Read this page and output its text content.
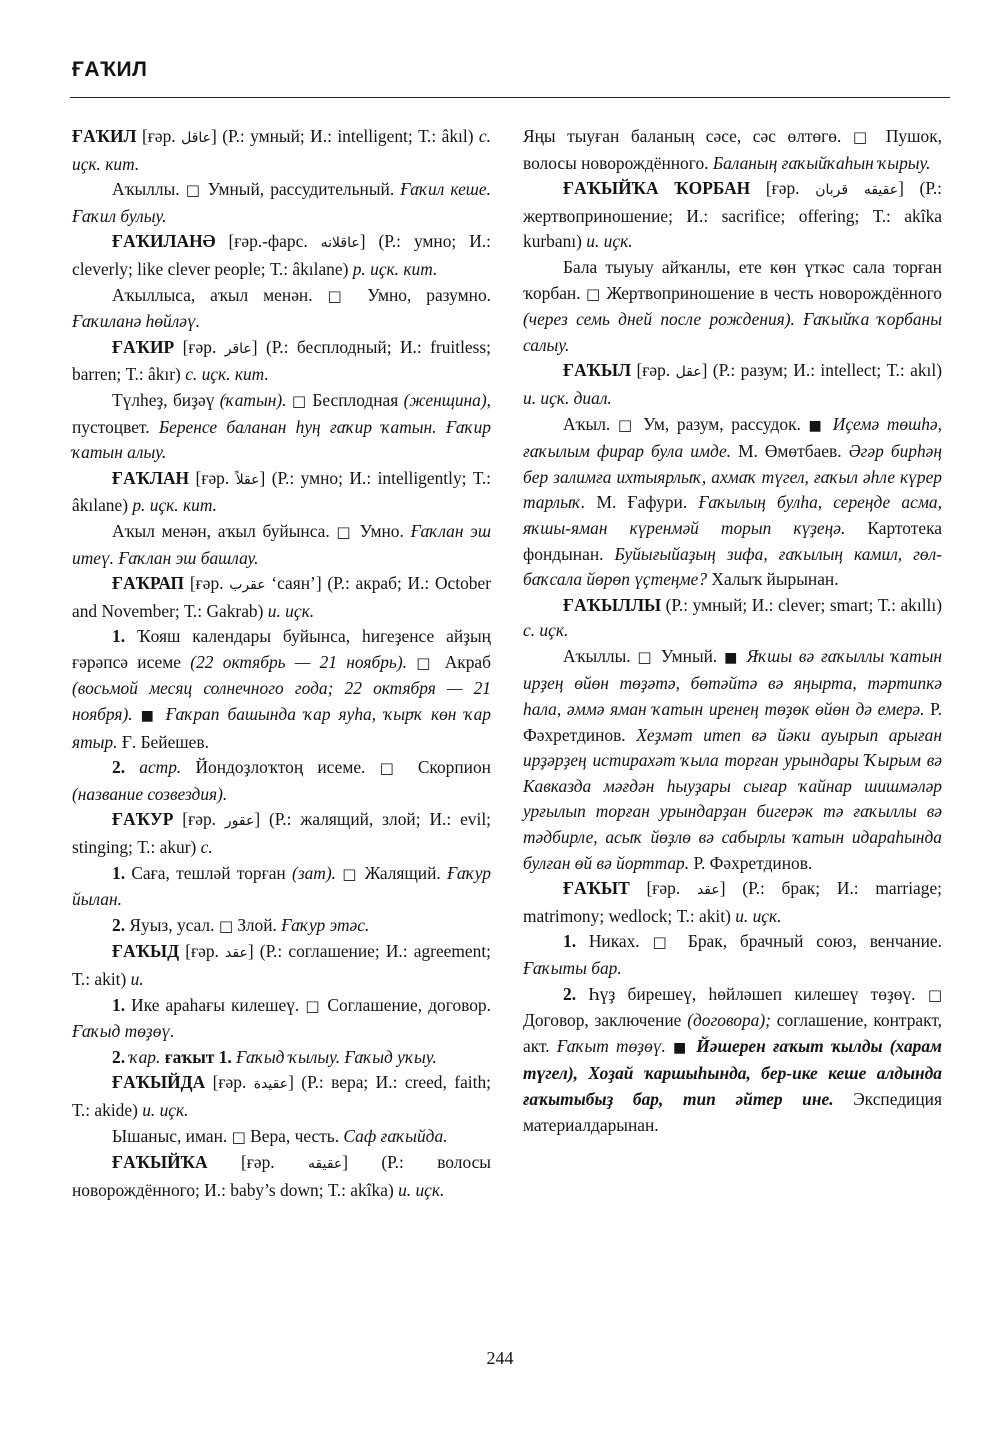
ҒАҠИЛ

ҒАҠИЛ [ғәр. عاقل] (Р.: умный; И.: intelligent; Т.: âkıl) с. иҫк. кит.

Аҡыллы. □ Умный, рассудительный. Ғаҡил кеше. Ғаҡил булыу.

ҒАҠИЛАНӘ [ғәр.-фарс. عاقلانه] (Р.: умно; И.: cleverly; like clever people; Т.: âkılane) р. иҫк. кит.

Аҡыллыса, аҡыл менән. □ Умно, разумно. Ғаҡиланә һөйләү.

ҒАҠИР [ғәр. عاقر] (Р.: бесплодный; И.: fruitless; barren; Т.: âkır) с. иҫк. кит.

Түлһеҙ, биҙәү (ҡатын). □ Бесплодная (женщина), пустоцвет. Беренсе баланан һуң ғаҡир ҡатын. Ғаҡир ҡатын алыу.

ҒАҠЛАН [ғәр. عقلاً] (Р.: умно; И.: intelligently; Т.: âkılane) р. иҫк. кит.

Аҡыл менән, аҡыл буйынса. □ Умно. Ғаҡлан эш итеү. Ғаҡлан эш башлау.

ҒАҠРАП [ғәр. عقرب ‘саян’] (Р.: акраб; И.: October and November; Т.: Gakrab) и. иҫк.

1. Ҡояш календары буйынса, һигеҙенсе айҙың ғәрәпсә исеме (22 октябрь — 21 ноябрь). □ Акраб (восьмой месяц солнечного года; 22 октября — 21 ноября). ■ Ғаҡрап башында ҡар яуһа, ҡырҡ көн ҡар ятыр. Ғ. Бейешев.

2. астр. Йондоҙлоҡтоң исеме. □ Скорпион (название созвездия).

ҒАҠУР [ғәр. عقور] (Р.: жалящий, злой; И.: evil; stinging; Т.: akur) с.

1. Саға, тешләй торған (зат). □ Жалящий. Ғаҡур йылан.

2. Яуыз, усал. □ Злой. Ғаҡур этәс.

ҒАҠЫД [ғәр. عقد] (Р.: соглашение; И.: agreement; Т.: akit) и.

1. Ике араһағы килешеү. □ Соглашение, договор. Ғаҡыд төҙөү.

2. ҡар. ғаҡыт 1. Ғаҡыд ҡылыу. Ғаҡыд уҡыу.

ҒАҠЫЙДА [ғәр. عقيدة] (Р.: вера; И.: creed, faith; Т.: akide) и. иҫк.

Ышаныс, иман. □ Вера, честь. Саф ғаҡыйда.

ҒАҠЫЙҠА [ғәр. عقيقه] (Р.: волосы новорождённого; И.: baby’s down; Т.: akîka) и. иҫк.

Яңы тыуған баланың сәсе, сәс өлтөгө. □ Пушок, волосы новорождённого. Баланың ғаҡыйҡаһын ҡырыу.

ҒАҠЫЙҠА ҠОРБАН [ғәр. عقيقه قربان] (Р.: жертвоприношение; И.: sacrifice; offering; Т.: akîka kurbanı) и. иҫк.

Бала тыуыу айҡанлы, ете көн үткәс сала торған ҡорбан. □ Жертвоприношение в честь новорождённого (через семь дней после рождения). Ғаҡыйҡа ҡорбаны салыу.

ҒАҠЫЛ [ғәр. عقل] (Р.: разум; И.: intellect; Т.: akıl) и. иҫк. диал.

Аҡыл. □ Ум, разум, рассудок. ■ Иҫемә төшһә, ғаҡылым фирар була имде. М. Өмөтбаев. Әгәр бирһәң бер залимға ихтыярлыҡ, ахмаҡ түгел, ғаҡыл әһле күрер тарлыҡ. М. Ғафури. Ғаҡылың булһа, сереңде асма, яҡшы-яман күренмәй торып күҙеңә. Картотека фондынан. Буйығыйаҙың зифа, ғаҡылың камил, гөл-баҡсала йөрөп үҫтеңме? Халыҡ йырынан.

ҒАҠЫЛЛЫ (Р.: умный; И.: clever; smart; Т.: akıllı) с. иҫк.

Аҡыллы. □ Умный. ■ Яҡшы вә ғаҡыллы ҡатын ирҙең өйөн төҙәтә, бөтәйтә вә яңырта, тәртипкә һала, әммә яман ҡатын иренең төҙөк өйөн дә емерә. Р. Фәхретдинов. Хеҙмәт итеп вә йәки ауырып арыған ирҙәрҙең истирахәт ҡыла торған урындары Ҡырым вә Кавказда мәғдән һыуҙары сығар ҡайнар шишмәләр урғылып торған урындарҙан бигерәк тә ғаҡыллы вә тәдбирле, асыҡ йөҙлө вә сабырлы ҡатын идараһында булған өй вә йорттар. Р. Фәхретдинов.

ҒАҠЫТ [ғәр. عقد] (Р.: брак; И.: marriage; matrimony; wedlock; Т.: akit) и. иҫк.

1. Никах. □ Брак, брачный союз, венчание. Ғаҡыты бар.

2. Һүҙ бирешеү, һөйләшеп килешеү төҙөү. □ Договор, заключение (договора); соглашение, контракт, акт. Ғаҡыт төҙөү. ■ Йәшерен ғаҡыт ҡылды (харам түгел), Хоҙай ҡаршыһында, бер-ике кеше алдында ғаҡытыбыҙ бар, тип әйтер ине. Экспедиция материалдарынан.

244
